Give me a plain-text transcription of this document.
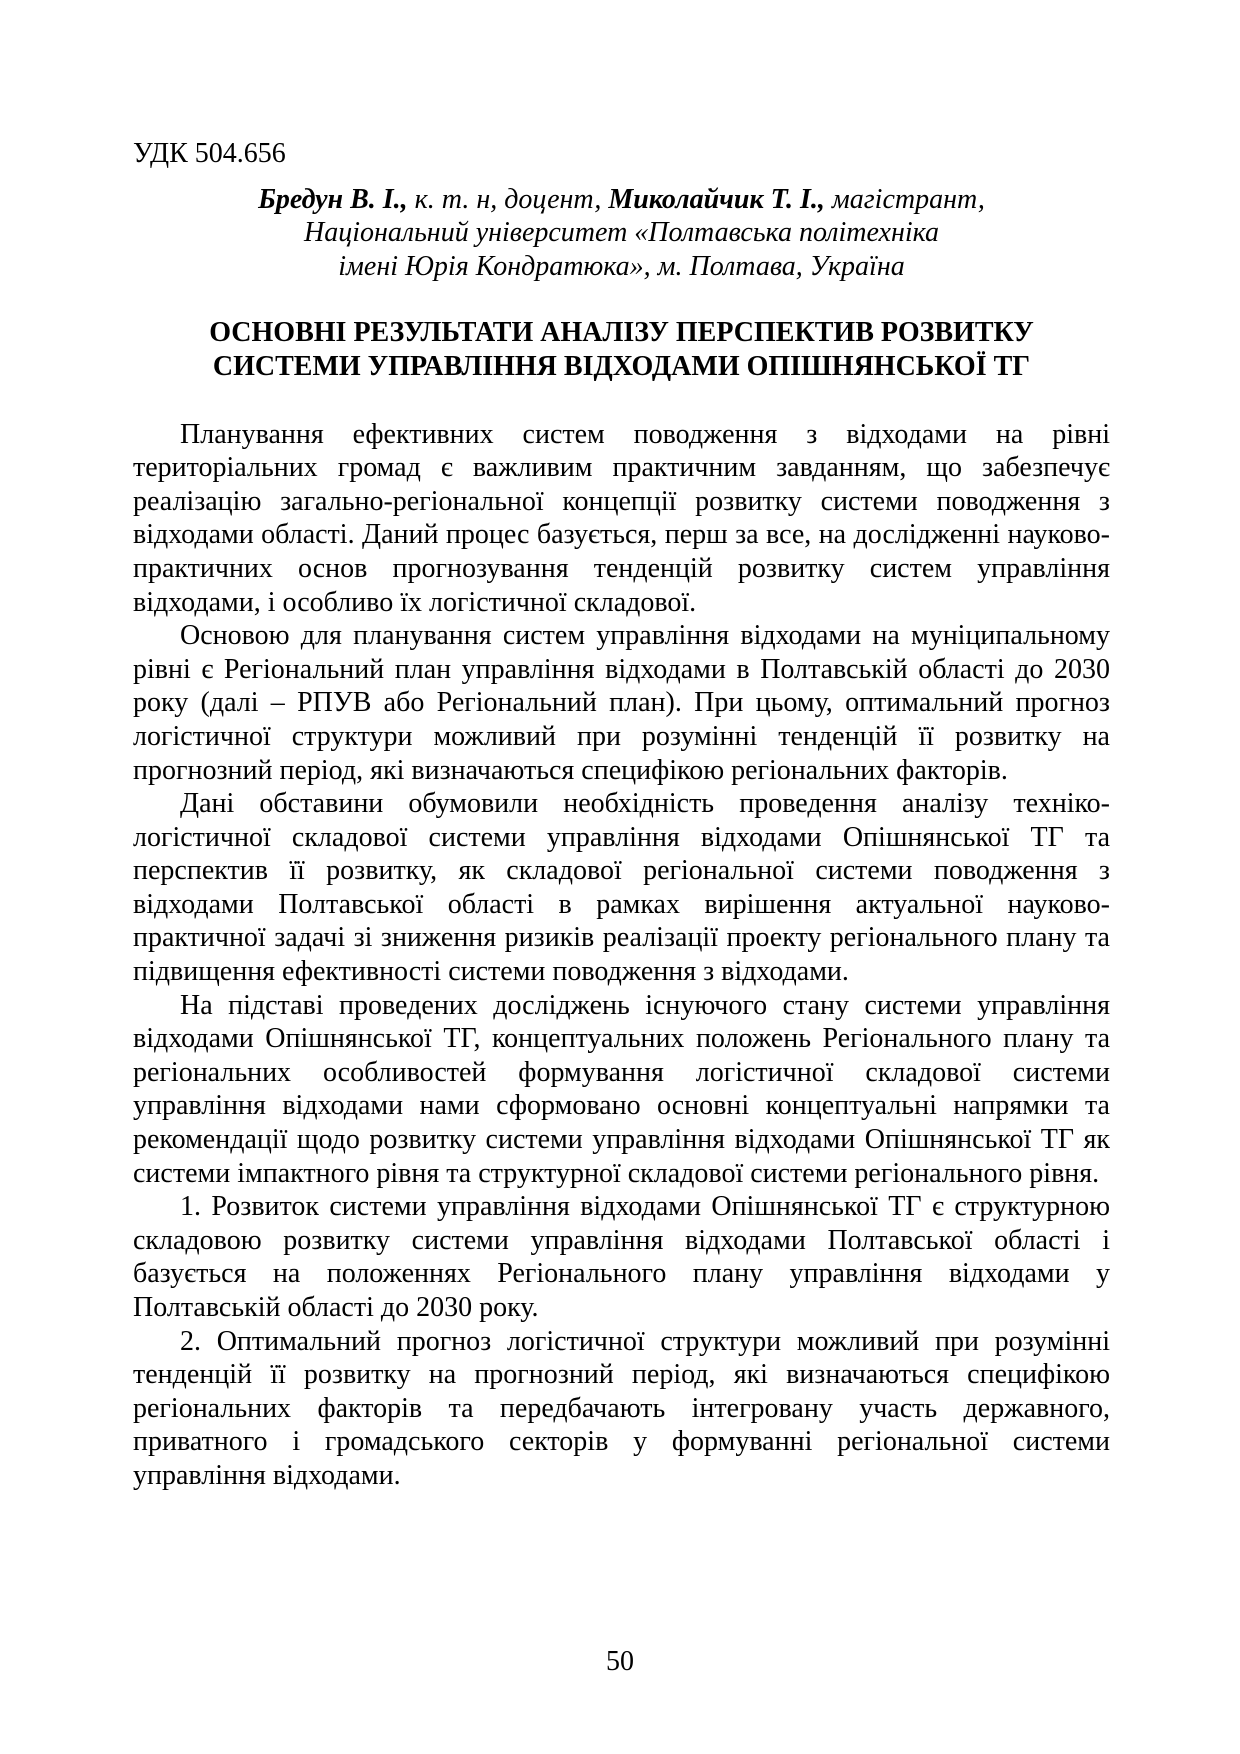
УДК 504.656
Бредун В. І., к. т. н, доцент, Миколайчик Т. І., магістрант,
Національний університет «Полтавська політехніка
імені Юрія Кондратюка», м. Полтава, Україна
ОСНОВНІ РЕЗУЛЬТАТИ АНАЛІЗУ ПЕРСПЕКТИВ РОЗВИТКУ
СИСТЕМИ УПРАВЛІННЯ ВІДХОДАМИ ОПІШНЯНСЬКОЇ ТГ

Планування ефективних систем поводження з відходами на рівні територіальних громад є важливим практичним завданням, що забезпечує реалізацію загально-регіональної концепції розвитку системи поводження з відходами області. Даний процес базується, перш за все, на дослідженні науково-практичних основ прогнозування тенденцій розвитку систем управління відходами, і особливо їх логістичної складової.

Основою для планування систем управління відходами на муніципальному рівні є Регіональний план управління відходами в Полтавській області до 2030 року (далі – РПУВ або Регіональний план). При цьому, оптимальний прогноз логістичної структури можливий при розумінні тенденцій її розвитку на прогнозний період, які визначаються специфікою регіональних факторів.

Дані обставини обумовили необхідність проведення аналізу техніко-логістичної складової системи управління відходами Опішнянської ТГ та перспектив її розвитку, як складової регіональної системи поводження з відходами Полтавської області в рамках вирішення актуальної науково-практичної задачі зі зниження ризиків реалізації проекту регіонального плану та підвищення ефективності системи поводження з відходами.

На підставі проведених досліджень існуючого стану системи управління відходами Опішнянської ТГ, концептуальних положень Регіонального плану та регіональних особливостей формування логістичної складової системи управління відходами нами сформовано основні концептуальні напрямки та рекомендації щодо розвитку системи управління відходами Опішнянської ТГ як системи імпактного рівня та структурної складової системи регіонального рівня.

1. Розвиток системи управління відходами Опішнянської ТГ є структурною складовою розвитку системи управління відходами Полтавської області і базується на положеннях Регіонального плану управління відходами у Полтавській області до 2030 року.

2. Оптимальний прогноз логістичної структури можливий при розумінні тенденцій її розвитку на прогнозний період, які визначаються специфікою регіональних факторів та передбачають інтегровану участь державного, приватного і громадського секторів у формуванні регіональної системи управління відходами.

50
